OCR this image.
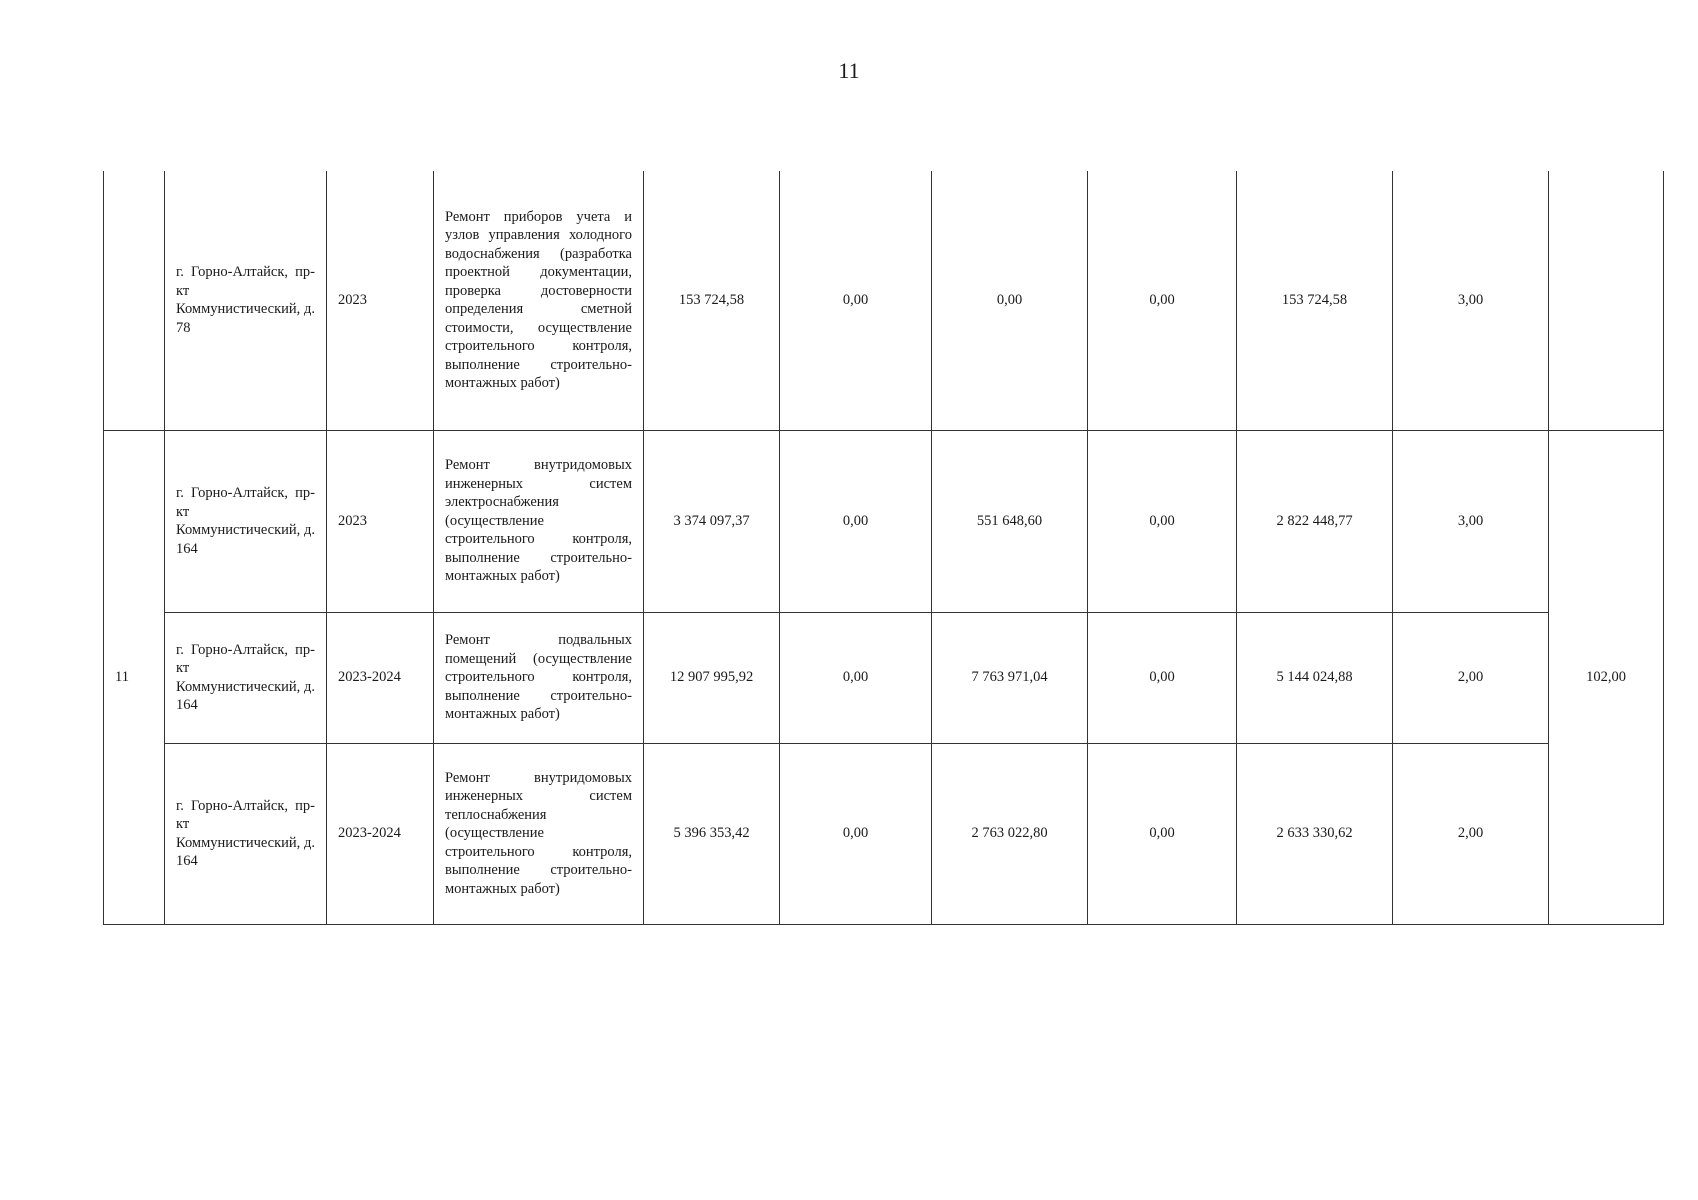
11
	г. Горно-Алтайск, пр-кт Коммунистический, д. 78	2023	Ремонт приборов учета и узлов управления холодного водоснабжения (разработка проектной документации, проверка достоверности определения сметной стоимости, осуществление строительного контроля, выполнение строительно-монтажных работ)	153 724,58	0,00	0,00	0,00	153 724,58	3,00	
11	г. Горно-Алтайск, пр-кт Коммунистический, д. 164	2023	Ремонт внутридомовых инженерных систем электроснабжения (осуществление строительного контроля, выполнение строительно-монтажных работ)	3 374 097,37	0,00	551 648,60	0,00	2 822 448,77	3,00	102,00
	г. Горно-Алтайск, пр-кт Коммунистический, д. 164	2023-2024	Ремонт подвальных помещений (осуществление строительного контроля, выполнение строительно-монтажных работ)	12 907 995,92	0,00	7 763 971,04	0,00	5 144 024,88	2,00	
	г. Горно-Алтайск, пр-кт Коммунистический, д. 164	2023-2024	Ремонт внутридомовых инженерных систем теплоснабжения (осуществление строительного контроля, выполнение строительно-монтажных работ)	5 396 353,42	0,00	2 763 022,80	0,00	2 633 330,62	2,00	
